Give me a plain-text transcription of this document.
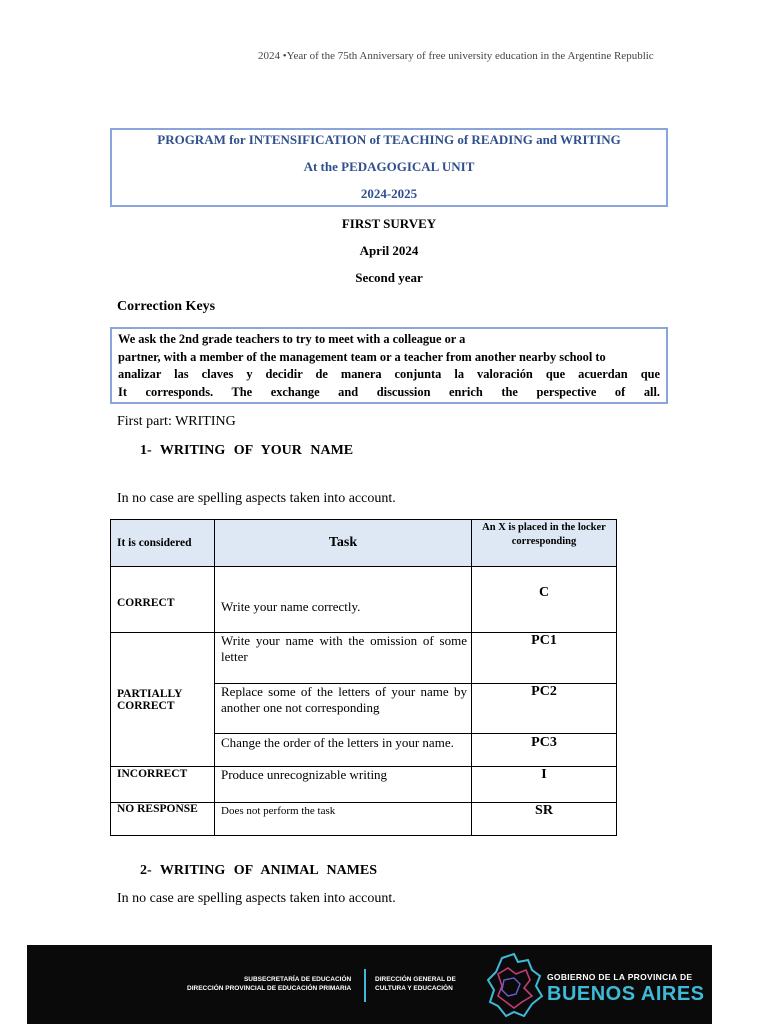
2024 •Year of the 75th Anniversary of free university education in the Argentine Republic
PROGRAM for INTENSIFICATION of TEACHING of READING and WRITING
At the PEDAGOGICAL UNIT
2024-2025
FIRST SURVEY
April 2024
Second year
Correction Keys
We ask the 2nd grade teachers to try to meet with a colleague or a
partner, with a member of the management team or a teacher from another nearby school to
analizar las claves y decidir de manera conjunta la valoración que acuerdan que
It corresponds. The exchange and discussion enrich the perspective of all.
First part: WRITING
1- WRITING OF YOUR NAME
In no case are spelling aspects taken into account.
It is considered	Task	An X is placed in the locker corresponding
CORRECT	Write your name correctly.	C
PARTIALLY CORRECT	Write your name with the omission of some letter	PC1
	Replace some of the letters of your name by another one not corresponding	PC2
	Change the order of the letters in your name.	PC3
INCORRECT	Produce unrecognizable writing	I
NO RESPONSE	Does not perform the task	SR
2- WRITING OF ANIMAL NAMES
In no case are spelling aspects taken into account.
SUBSECRETARÍA DE EDUCACIÓN
DIRECCIÓN PROVINCIAL DE EDUCACIÓN PRIMARIA
DIRECCIÓN GENERAL DE
CULTURA Y EDUCACIÓN
GOBIERNO DE LA PROVINCIA DE
BUENOS AIRES
